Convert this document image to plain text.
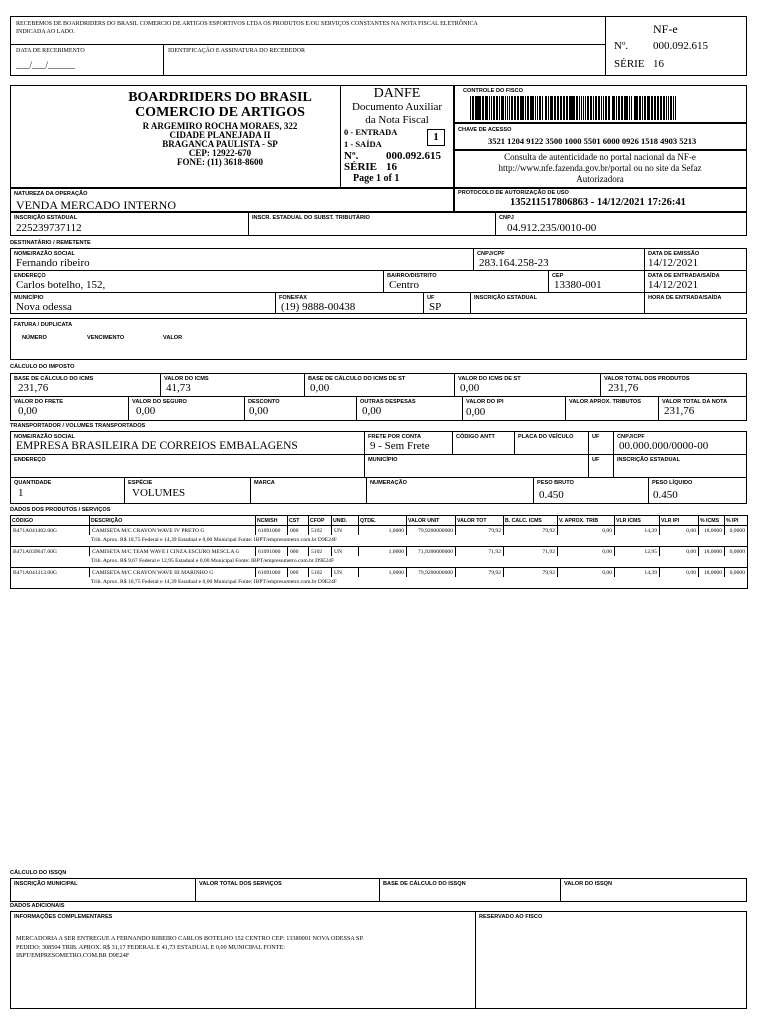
RECEBEMOS DE BOARDRIDERS DO BRASIL COMERCIO DE ARTIGOS ESPORTIVOS LTDA OS PRODUTOS E/OU SERVIÇOS CONSTANTES NA NOTA FISCAL ELETRÔNICA INDICADA AO LADO.
DATA DE RECEBIMENTO
___/___/______
IDENTIFICAÇÃO E ASSINATURA DO RECEBEDOR
NF-e
Nº. 000.092.615
SÉRIE 16
BOARDRIDERS DO BRASIL
COMERCIO DE ARTIGOS
R ARGEMIRO ROCHA MORAES, 322
CIDADE PLANEJADA II
BRAGANCA PAULISTA - SP
CEP: 12922-670
FONE: (11) 3618-8600
DANFE
Documento Auxiliar
da Nota Fiscal
0 - ENTRADA
1 - SAÍDA
1
Nº.	000.092.615
SÉRIE 16
Page 1 of 1
CONTROLE DO FISCO
CHAVE DE ACESSO
3521 1204 9122 3500 1000 5501 6000 0926 1518 4903 5213
Consulta de autenticidade no portal nacional da NF-e http://www.nfe.fazenda.gov.br/portal ou no site da Sefaz Autorizadora
NATUREZA DA OPERAÇÃO
VENDA MERCADO INTERNO
PROTOCOLO DE AUTORIZAÇÃO DE USO
135211517806863 - 14/12/2021 17:26:41
INSCRIÇÃO ESTADUAL
225239737112
INSCR. ESTADUAL DO SUBST. TRIBUTÁRIO	CNPJ
04.912.235/0010-00
DESTINATÁRIO / REMETENTE
NOME/RAZÃO SOCIAL
Fernando ribeiro
CNPJ/CPF
283.164.258-23
DATA DE EMISSÃO
14/12/2021
ENDEREÇO
Carlos botelho, 152,
BAIRRO/DISTRITO
Centro
CEP
13380-001
DATA DE ENTRADA/SAÍDA
14/12/2021
MUNICÍPIO
Nova odessa
FONE/FAX
(19) 9888-00438
UF
SP
INSCRIÇÃO ESTADUAL	HORA DE ENTRADA/SAÍDA
FATURA / DUPLICATA
NÚMERO	VENCIMENTO	VALOR
CÁLCULO DO IMPOSTO
BASE DE CÁLCULO DO ICMS
231,76
VALOR DO ICMS
41,73
BASE DE CÁLCULO DO ICMS DE ST
0,00
VALOR DO ICMS DE ST
0,00
VALOR TOTAL DOS PRODUTOS
231,76
VALOR DO FRETE
0,00
VALOR DO SEGURO
0,00
DESCONTO
0,00
OUTRAS DESPESAS
0,00
VALOR DO IPI
0,00
VALOR APROX. TRIBUTOS	VALOR TOTAL DA NOTA
231,76
TRANSPORTADOR / VOLUMES TRANSPORTADOS
NOME/RAZÃO SOCIAL
EMPRESA BRASILEIRA DE CORREIOS EMBALAGENS
FRETE POR CONTA
9 - Sem Frete
CÓDIGO ANTT	PLACA DO VEÍCULO	UF	CNPJ/CPF
00.000.000/0000-00
ENDEREÇO	MUNICÍPIO	UF	INSCRIÇÃO ESTADUAL
QUANTIDADE
1
ESPÉCIE
VOLUMES
MARCA	NUMERAÇÃO	PESO BRUTO
0.450
PESO LÍQUIDO
0.450
DADOS DOS PRODUTOS / SERVIÇOS
CÓDIGO	DESCRIÇÃO	NCM/SH	CST	CFOP	UNID.	QTDE.	VALOR UNIT	VALOR TOT	B. CALC. ICMS	V. APROX. TRIB	VLR ICMS	VLR IPI	% ICMS	% IPI
B471A041402.00G	CAMISETA M/C CRAYON WAVE IV PRETO G	61091000	000	5102	UN	1,0000	79,9200000000	79,92	79,92	0,00	14,39	0,00	18,0000	0,0000
Trib. Aprox. R$ 10,75 Federal e 14,39 Estadual e 0,00 Municipal Fonte: IBPT/empresometro.com.br D9E24F														
B471A039647.00G	CAMISETA M/C TEAM WAVE I CINZA ESCURO MESCLA G	61091000	000	5102	UN	1,0000	71,9200000000	71,92	71,92	0,00	12,95	0,00	18,0000	0,0000
Trib. Aprox. R$ 9,67 Federal e 12,95 Estadual e 0,00 Municipal Fonte: IBPT/empresometro.com.br D9E24F														
B471A041313.00G	CAMISETA M/C CRAYON WAVE III MARINHO G	61091000	000	5102	UN	1,0000	79,9200000000	79,92	79,92	0,00	14,39	0,00	18,0000	0,0000
Trib. Aprox. R$ 10,75 Federal e 14,39 Estadual e 0,00 Municipal Fonte: IBPT/empresometro.com.br D9E24F														
CÁLCULO DO ISSQN
INSCRIÇÃO MUNICIPAL	VALOR TOTAL DOS SERVIÇOS	BASE DE CÁLCULO DO ISSQN	VALOR DO ISSQN
DADOS ADICIONAIS
INFORMAÇÕES COMPLEMENTARES	RESERVADO AO FISCO
MERCADORIA A SER ENTREGUE A FERNANDO RIBEIRO CARLOS BOTELHO 152 CENTRO CEP: 13380001 NOVA ODESSA SP.
PEDIDO: 308504 TRIB. APROX. R$ 31,17 FEDERAL E 41,73 ESTADUAL E 0,00 MUNICIPAL FONTE:
IBPT/EMPRESOMETRO.COM.BR D9E24F
